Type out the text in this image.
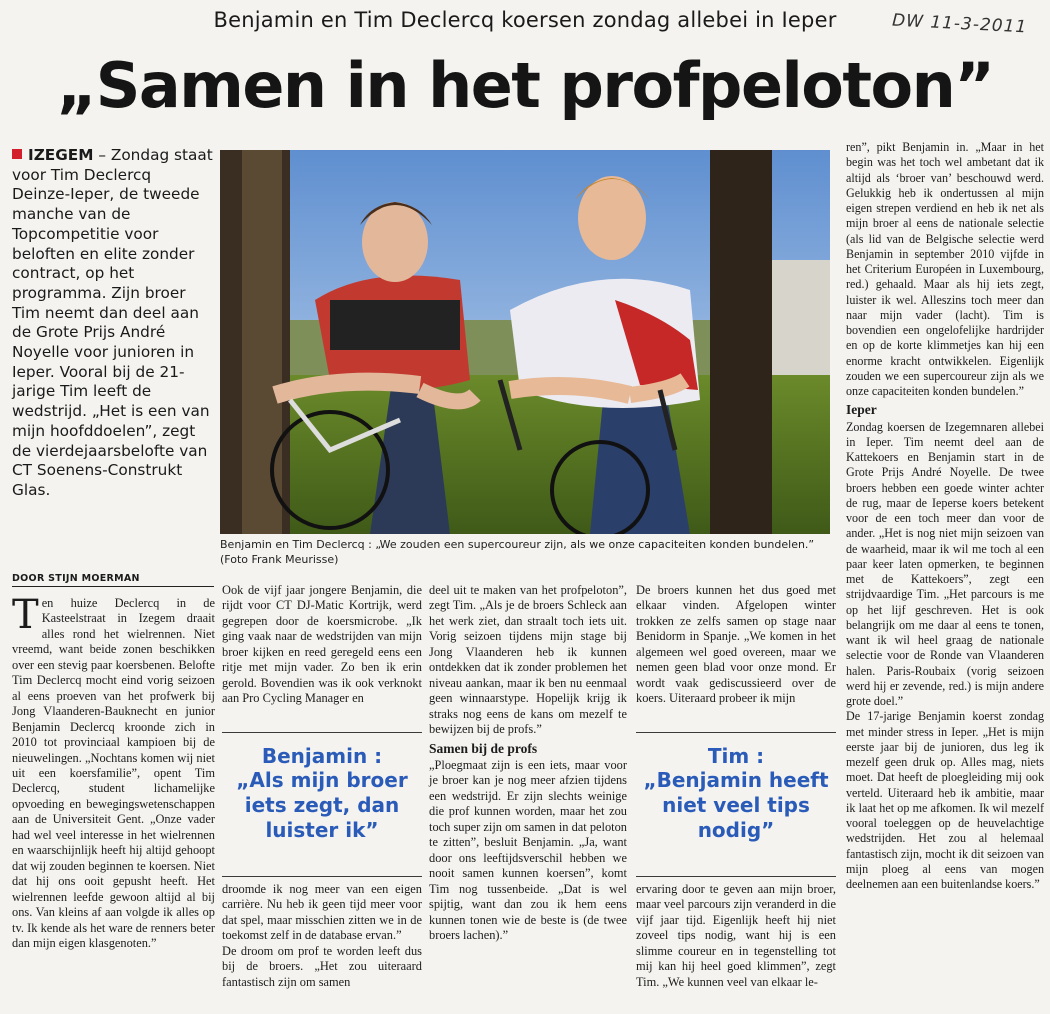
Benjamin en Tim Declercq koersen zondag allebei in Ieper	DW 11-3-2011
„Samen in het profpeloton”
IZEGEM – Zondag staat voor Tim Declercq Deinze-Ieper, de tweede manche van de Topcompetitie voor beloften en elite zonder contract, op het programma. Zijn broer Tim neemt dan deel aan de Grote Prijs André Noyelle voor junioren in Ieper. Vooral bij de 21-jarige Tim leeft de wedstrijd. „Het is een van mijn hoofddoelen”, zegt de vierdejaarsbelofte van CT Soenens-Construkt Glas.
Benjamin en Tim Declercq : „We zouden een supercoureur zijn, als we onze capaciteiten konden bundelen.” (Foto Frank Meurisse)
DOOR STIJN MOERMAN
T en huize Declercq in de Kasteelstraat in Izegem draait alles rond het wielrennen. Niet vreemd, want beide zonen beschikken over een stevig paar koersbenen. Belofte Tim Declercq mocht eind vorig seizoen al eens proeven van het profwerk bij Jong Vlaanderen-Bauknecht en junior Benjamin Declercq kroonde zich in 2010 tot provinciaal kampioen bij de nieuwelingen. „Nochtans komen wij niet uit een koersfamilie”, opent Tim Declercq, student lichamelijke opvoeding en bewegingswetenschappen aan de Universiteit Gent. „Onze vader had wel veel interesse in het wielrennen en waarschijnlijk heeft hij altijd gehoopt dat wij zouden beginnen te koersen. Niet dat hij ons ooit gepusht heeft. Het wielrennen leefde gewoon altijd al bij ons. Van kleins af aan volgde ik alles op tv. Ik kende als het ware de renners beter dan mijn eigen klasgenoten.”

Ook de vijf jaar jongere Benjamin, die rijdt voor CT DJ-Matic Kortrijk, werd gegrepen door de koersmicrobe. „Ik ging vaak naar de wedstrijden van mijn broer kijken en reed geregeld eens een ritje met mijn vader. Zo ben ik erin gerold. Bovendien was ik ook verknokt aan Pro Cycling Manager en

Benjamin :
„Als mijn broer iets zegt, dan luister ik”

droomde ik nog meer van een eigen carrière. Nu heb ik geen tijd meer voor dat spel, maar misschien zitten we in de toekomst zelf in de database ervan.”

De droom om prof te worden leeft dus bij de broers. „Het zou uiteraard fantastisch zijn om samen

deel uit te maken van het profpeloton”, zegt Tim. „Als je de broers Schleck aan het werk ziet, dan straalt toch iets uit. Vorig seizoen tijdens mijn stage bij Jong Vlaanderen heb ik kunnen ontdekken dat ik zonder problemen het niveau aankan, maar ik ben nu eenmaal geen winnaarstype. Hopelijk krijg ik straks nog eens de kans om mezelf te bewijzen bij de profs.”

Samen bij de profs

„Ploegmaat zijn is een iets, maar voor je broer kan je nog meer afzien tijdens een wedstrijd. Er zijn slechts weinige die prof kunnen worden, maar het zou toch super zijn om samen in dat peloton te zitten”, besluit Benjamin. „Ja, want door ons leeftijdsverschil hebben we nooit samen kunnen koersen”, komt Tim nog tussenbeide. „Dat is wel spijtig, want dan zou ik hem eens kunnen tonen wie de beste is (de twee broers lachen).”

De broers kunnen het dus goed met elkaar vinden. Afgelopen winter trokken ze zelfs samen op stage naar Benidorm in Spanje. „We komen in het algemeen wel goed overeen, maar we nemen geen blad voor onze mond. Er wordt vaak gediscussieerd over de koers. Uiteraard probeer ik mijn

Tim :
„Benjamin heeft niet veel tips nodig”

ervaring door te geven aan mijn broer, maar veel parcours zijn veranderd in die vijf jaar tijd. Eigenlijk heeft hij niet zoveel tips nodig, want hij is een slimme coureur en in tegenstelling tot mij kan hij heel goed klimmen”, zegt Tim. „We kunnen veel van elkaar le-

ren”, pikt Benjamin in. „Maar in het begin was het toch wel ambetant dat ik altijd als ‘broer van’ beschouwd werd. Gelukkig heb ik ondertussen al mijn eigen strepen verdiend en heb ik net als mijn broer al eens de nationale selectie (als lid van de Belgische selectie werd Benjamin in september 2010 vijfde in het Criterium Européen in Luxembourg, red.) gehaald. Maar als hij iets zegt, luister ik wel. Alleszins toch meer dan naar mijn vader (lacht). Tim is bovendien een ongelofelijke hardrijder en op de korte klimmetjes kan hij een enorme kracht ontwikkelen. Eigenlijk zouden we een supercoureur zijn als we onze capaciteiten konden bundelen.”

Ieper

Zondag koersen de Izegemnaren allebei in Ieper. Tim neemt deel aan de Kattekoers en Benjamin start in de Grote Prijs André Noyelle. De twee broers hebben een goede winter achter de rug, maar de Ieperse koers betekent voor de een toch meer dan voor de ander. „Het is nog niet mijn seizoen van de waarheid, maar ik wil me toch al een paar keer laten opmerken, te beginnen met de Kattekoers”, zegt een strijdvaardige Tim. „Het parcours is me op het lijf geschreven. Het is ook belangrijk om me daar al eens te tonen, want ik wil heel graag de nationale selectie voor de Ronde van Vlaanderen halen. Paris-Roubaix (vorig seizoen werd hij er zevende, red.) is mijn andere grote doel.”

De 17-jarige Benjamin koerst zondag met minder stress in Ieper. „Het is mijn eerste jaar bij de junioren, dus leg ik mezelf geen druk op. Alles mag, niets moet. Dat heeft de ploegleiding mij ook verteld. Uiteraard heb ik ambitie, maar ik laat het op me afkomen. Ik wil mezelf vooral toeleggen op de heuvelachtige wedstrijden. Het zou al helemaal fantastisch zijn, mocht ik dit seizoen van mijn ploeg al eens van mogen deelnemen aan een buitenlandse koers.”
